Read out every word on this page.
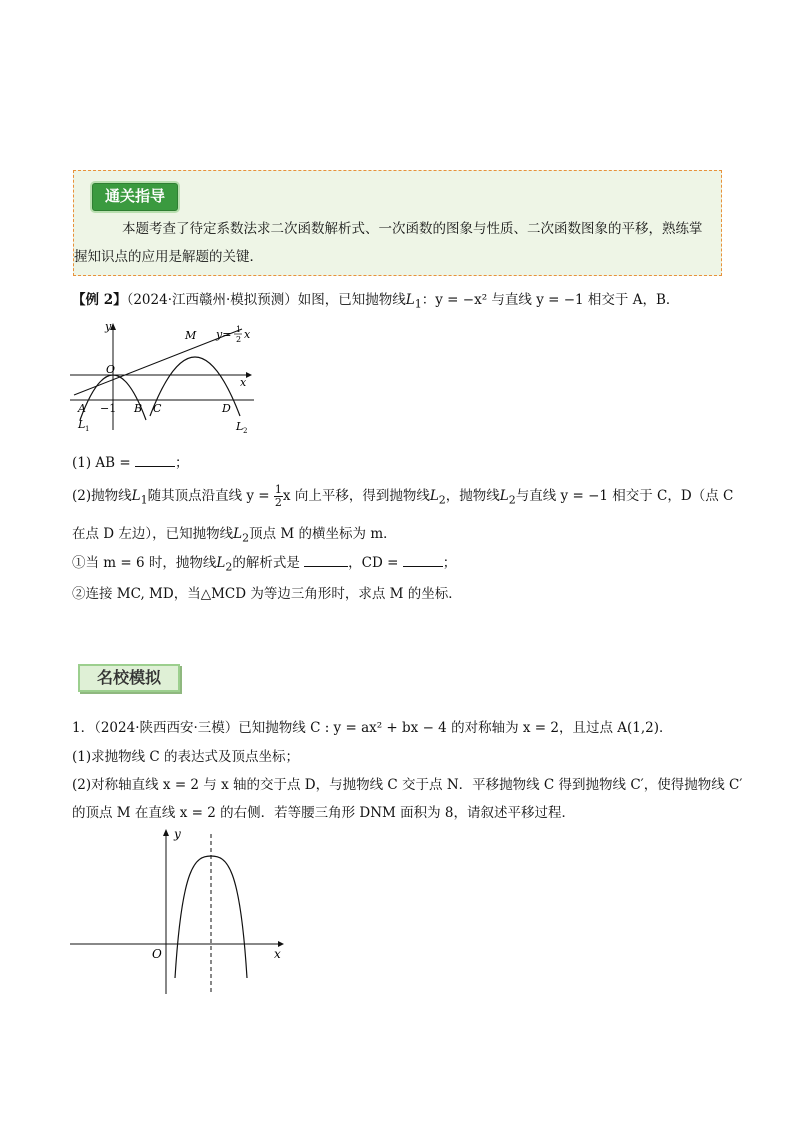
通关指导
本题考查了待定系数法求二次函数解析式、一次函数的图象与性质、二次函数图象的平移，熟练掌握知识点的应用是解题的关键．
【例 2】（2024·江西赣州·模拟预测）如图，已知抛物线$L_1$：y = −x² 与直线 y = −1 相交于 A，B．
y
x
O
M
A −1 B C	D
L 1	L 2
y= 1
2 x
(1) AB =	；
(2)抛物线$L_1$随其顶点沿直线 $y = \frac{1}{2}$ x 向上平移，得到抛物线$L_2$，抛物线$L_2$与直线 y = −1 相交于 C，D（点 C
在点 D 左边），已知抛物线$L_2$顶点 M 的横坐标为 m．
①当 m = 6 时，抛物线$L_2$的解析式是	，CD =	；
②连接 MC, MD，当△MCD 为等边三角形时，求点 M 的坐标．
名校模拟
1．（2024·陕西西安·三模）已知抛物线 C : y = ax² + bx − 4 的对称轴为 x = 2，且过点 A(1,2)．
(1)求抛物线 C 的表达式及顶点坐标；
(2)对称轴直线 x = 2 与 x 轴的交于点 D，与抛物线 C 交于点 N．平移抛物线 C 得到抛物线 C′，使得抛物线 C′
的顶点 M 在直线 x = 2 的右侧．若等腰三角形 DNM 面积为 8，请叙述平移过程．
y
x
O
